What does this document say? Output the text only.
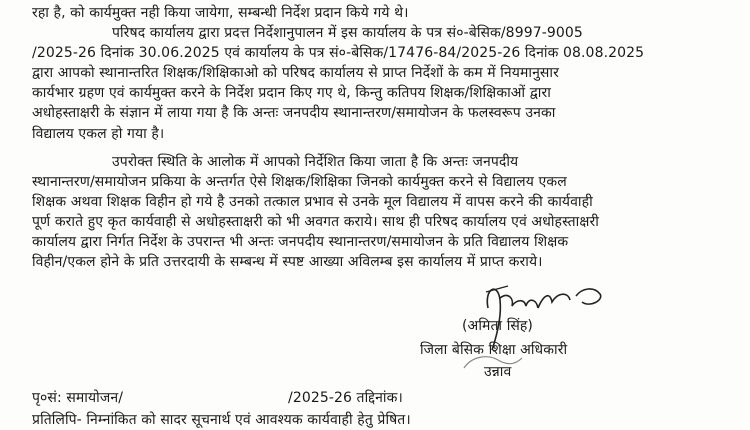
रहा है, को कार्यमुक्त नही किया जायेगा, सम्बन्धी निर्देश प्रदान किये गये थे।
परिषद कार्यालय द्वारा प्रदत्त निर्देशानुपालन में इस कार्यालय के पत्र सं०-बेसिक/8997-9005
/2025-26 दिनांक 30.06.2025 एवं कार्यालय के पत्र सं०-बेसिक/17476-84/2025-26 दिनांक 08.08.2025
द्वारा आपको स्थानान्तरित शिक्षक/शिक्षिकाओ को परिषद कार्यालय से प्राप्त निर्देशों के कम में नियमानुसार
कार्यभार ग्रहण एवं कार्यमुक्त करने के निर्देश प्रदान किए गए थे, किन्तु कतिपय शिक्षक/शिक्षिकाओं द्वारा
अधोहस्ताक्षरी के संज्ञान में लाया गया है कि अन्तः जनपदीय स्थानान्तरण/समायोजन के फलस्वरूप उनका
विद्यालय एकल हो गया है।
उपरोक्त स्थिति के आलोक में आपको निर्देशित किया जाता है कि अन्तः जनपदीय
स्थानान्तरण/समायोजन प्रकिया के अन्तर्गत ऐसे शिक्षक/शिक्षिका जिनको कार्यमुक्त करने से विद्यालय एकल
शिक्षक अथवा शिक्षक विहीन हो गये है उनको तत्काल प्रभाव से उनके मूल विद्यालय में वापस करने की कार्यवाही
पूर्ण कराते हुए कृत कार्यवाही से अधोहस्ताक्षरी को भी अवगत कराये। साथ ही परिषद कार्यालय एवं अधोहस्ताक्षरी
कार्यालय द्वारा निर्गत निर्देश के उपरान्त भी अन्तः जनपदीय स्थानान्तरण/समायोजन के प्रति विद्यालय शिक्षक
विहीन/एकल होने के प्रति उत्तरदायी के सम्बन्ध में स्पष्ट आख्या अविलम्ब इस कार्यालय में प्राप्त कराये।
(अमिता सिंह)
जिला बेसिक शिक्षा अधिकारी
उन्नाव
पृ०सं: समायोजन/	/2025-26 तद्दिनांक।
प्रतिलिपि- निम्नांकित को सादर सूचनार्थ एवं आवश्यक कार्यवाही हेतु प्रेषित।
